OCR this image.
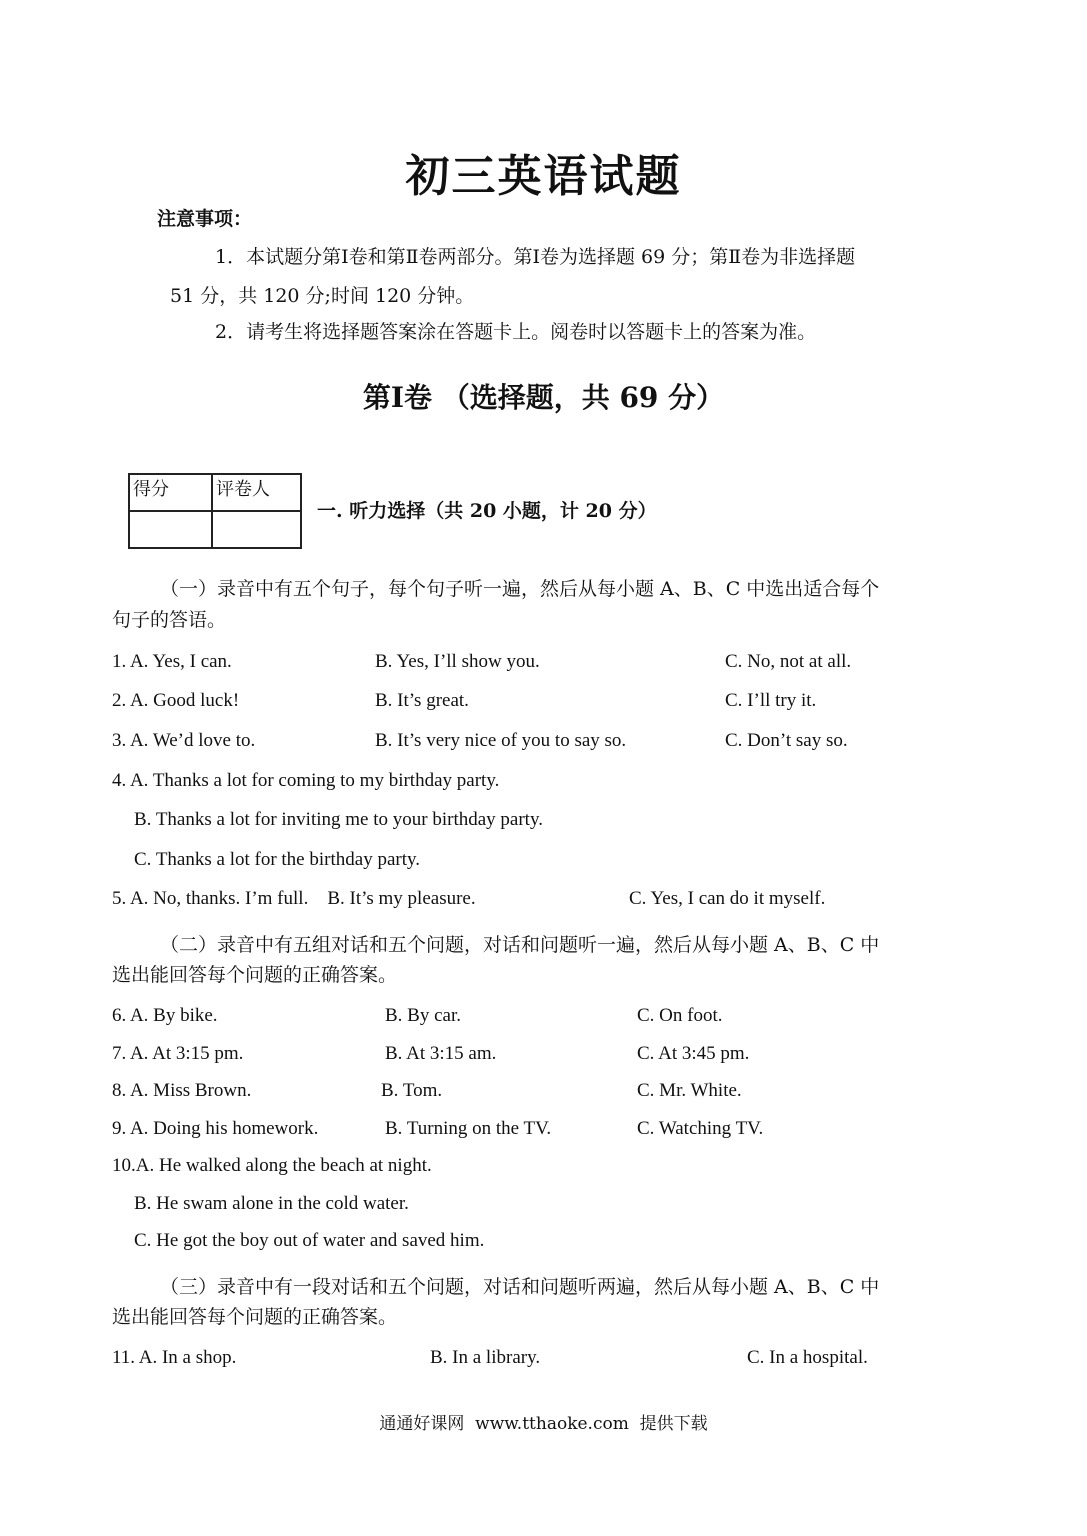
初三英语试题
注意事项：
1．本试题分第Ⅰ卷和第Ⅱ卷两部分。第Ⅰ卷为选择题 69 分；第Ⅱ卷为非选择题
51 分，共 120 分;时间 120 分钟。
2．请考生将选择题答案涂在答题卡上。阅卷时以答题卡上的答案为准。
第Ⅰ卷 （选择题，共 69 分）
得分	评卷人

一. 听力选择（共 20 小题，计 20 分）
（一）录音中有五个句子，每个句子听一遍，然后从每小题 A、B、C 中选出适合每个
句子的答语。
1. A. Yes, I can.	B. Yes, I’ll show you.	C. No, not at all.
2. A. Good luck!	B. It’s great.	C. I’ll try it.
3. A. We’d love to.	B. It’s very nice of you to say so.	C. Don’t say so.
4. A. Thanks a lot for coming to my birthday party.
B. Thanks a lot for inviting me to your birthday party.
C. Thanks a lot for the birthday party.
5. A. No, thanks. I’m full.    B. It’s my pleasure.	C. Yes, I can do it myself.
（二）录音中有五组对话和五个问题，对话和问题听一遍，然后从每小题 A、B、C 中
选出能回答每个问题的正确答案。
6. A. By bike.	B. By car.	C. On foot.
7. A. At 3:15 pm.	B. At 3:15 am.	C. At 3:45 pm.
8. A. Miss Brown.	B. Tom.	C. Mr. White.
9. A. Doing his homework.	B. Turning on the TV.	C. Watching TV.
10.A. He walked along the beach at night.
B. He swam alone in the cold water.
C. He got the boy out of water and saved him.
（三）录音中有一段对话和五个问题，对话和问题听两遍，然后从每小题 A、B、C 中
选出能回答每个问题的正确答案。
11. A. In a shop.	B. In a library.	C. In a hospital.
通通好课网  www.tthaoke.com  提供下载
